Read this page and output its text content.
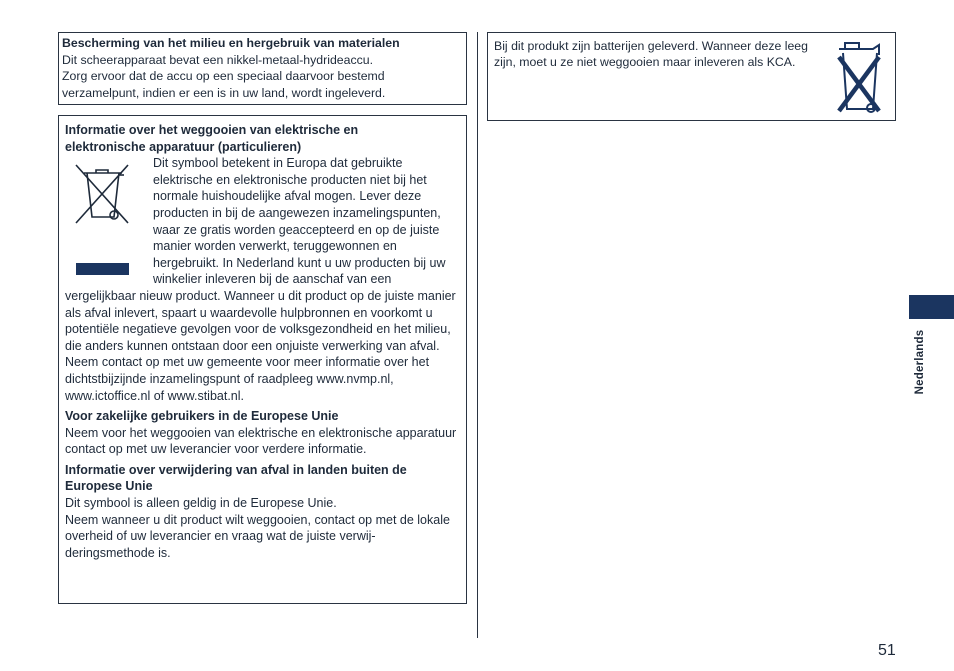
Bescherming van het milieu en hergebruik van materialen

Dit scheerapparaat bevat een nikkel-metaal-hydrideaccu.

Zorg ervoor dat de accu op een speciaal daarvoor bestemd

verzamelpunt, indien er een is in uw land, wordt ingeleverd.

Informatie over het weggooien van elektrische en

elektronische apparatuur (particulieren)

Dit symbool betekent in Europa dat gebruikte elektrische en elektronische producten niet bij het normale huishoudelijke afval mogen. Lever deze producten in bij de aangewezen inzamelingspunten, waar ze gratis worden geaccepteerd en op de juiste manier worden verwerkt, teruggewonnen en hergebruikt. In Nederland kunt u uw producten bij uw winkelier inleveren bij de aanschaf van een vergelijkbaar nieuw product. Wanneer u dit product op de juiste manier als afval inlevert, spaart u waardevolle hulpbronnen en voorkomt u potentiële negatieve gevolgen voor de volksgezondheid en het milieu, die anders kunnen ontstaan door een onjuiste verwerking van afval. Neem contact op met uw gemeente voor meer informatie over het dichtstbijzijnde inzamelingspunt of raadpleeg www.nvmp.nl, www.ictoffice.nl of www.stibat.nl.

Voor zakelijke gebruikers in de Europese Unie

Neem voor het weggooien van elektrische en elektronische apparatuur contact op met uw leverancier voor verdere informatie.

Informatie over verwijdering van afval in landen buiten de Europese Unie

Dit symbool is alleen geldig in de Europese Unie.

Neem wanneer u dit product wilt weggooien, contact op met de lokale overheid of uw leverancier en vraag wat de juiste verwij-deringsmethode is.

Bij dit produkt zijn batterijen geleverd. Wanneer deze leeg zijn, moet u ze niet weggooien maar inleveren als KCA.

Nederlands
51
